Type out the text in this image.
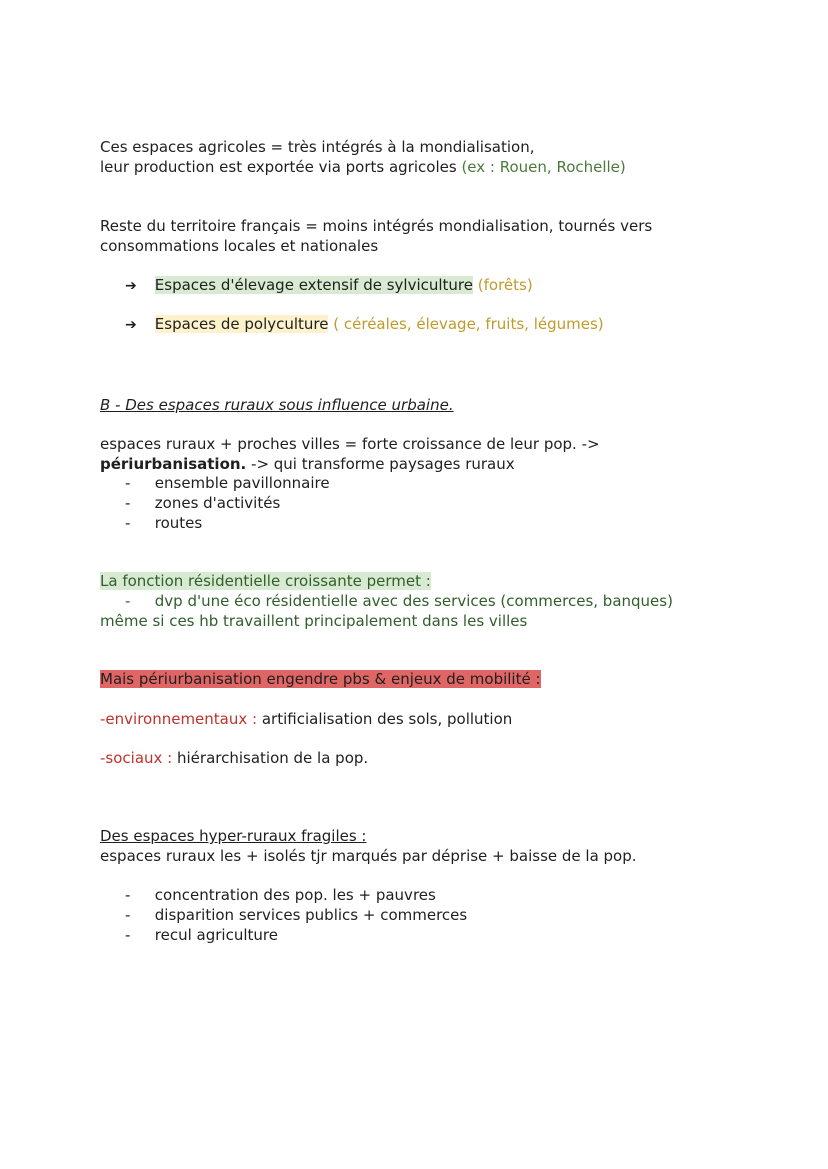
Ces espaces agricoles = très intégrés à la mondialisation,
leur production est exportée via ports agricoles (ex : Rouen, Rochelle)
Reste du territoire français = moins intégrés mondialisation, tournés vers
consommations locales et nationales
➔ Espaces d'élevage extensif de sylviculture (forêts)
➔ Espaces de polyculture ( céréales, élevage, fruits, légumes)
B - Des espaces ruraux sous influence urbaine.
espaces ruraux + proches villes = forte croissance de leur pop. ->
périurbanisation. -> qui transforme paysages ruraux
- ensemble pavillonnaire
- zones d'activités
- routes
La fonction résidentielle croissante permet :
- dvp d'une éco résidentielle avec des services (commerces, banques)
même si ces hb travaillent principalement dans les villes
Mais périurbanisation engendre pbs & enjeux de mobilité :
-environnementaux : artificialisation des sols, pollution
-sociaux : hiérarchisation de la pop.
Des espaces hyper-ruraux fragiles :
espaces ruraux les + isolés tjr marqués par déprise + baisse de la pop.
- concentration des pop. les + pauvres
- disparition services publics + commerces
- recul agriculture
